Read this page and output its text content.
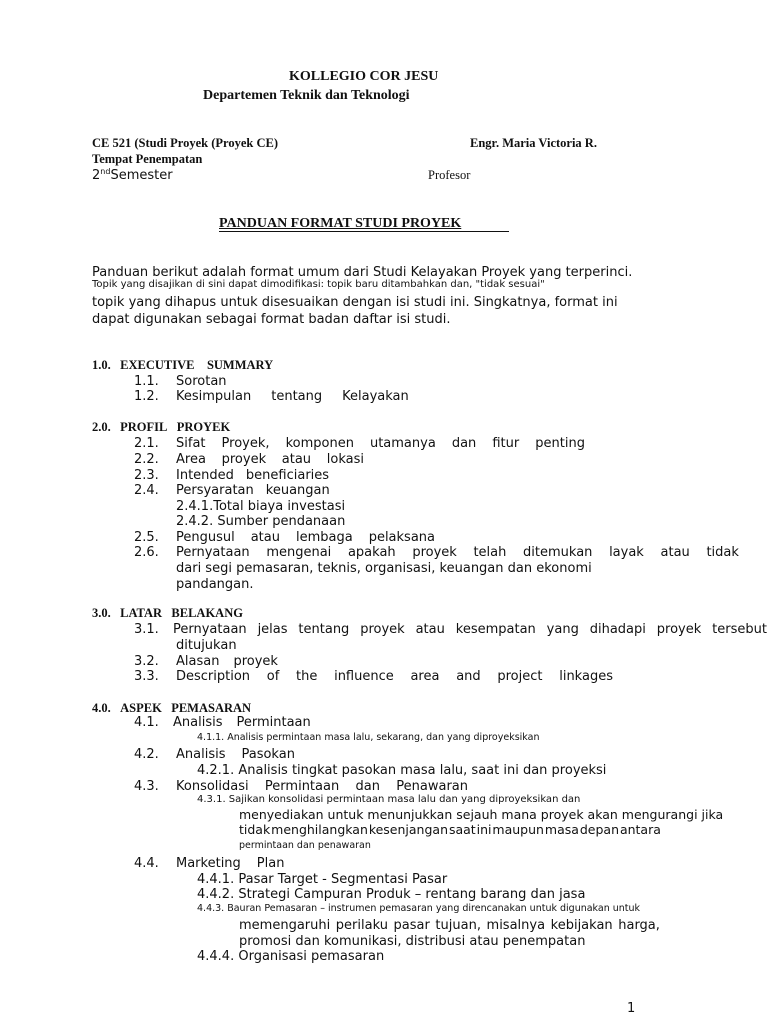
KOLLEGIO COR JESU
Departemen Teknik dan Teknologi
CE 521 (Studi Proyek (Proyek CE)	Engr. Maria Victoria R.
Tempat Penempatan
2ndSemester	Profesor
PANDUAN FORMAT STUDI PROYEK
Panduan berikut adalah format umum dari Studi Kelayakan Proyek yang terperinci.
Topik yang disajikan di sini dapat dimodifikasi: topik baru ditambahkan dan, "tidak sesuai"
topik yang dihapus untuk disesuaikan dengan isi studi ini. Singkatnya, format ini
dapat digunakan sebagai format badan daftar isi studi.
1.0. EXECUTIVE SUMMARY
1.1. Sorotan
1.2. Kesimpulan tentang Kelayakan
2.0. PROFIL PROYEK
2.1. Sifat Proyek, komponen utamanya dan fitur penting
2.2. Area proyek atau lokasi
2.3. Intended beneficiaries
2.4. Persyaratan keuangan
2.4.1.Total biaya investasi
2.4.2. Sumber pendanaan
2.5. Pengusul atau lembaga pelaksana
2.6. Pernyataan mengenai apakah proyek telah ditemukan layak atau tidak
dari segi pemasaran, teknis, organisasi, keuangan dan ekonomi
pandangan.
3.0. LATAR BELAKANG
3.1. Pernyataan jelas tentang proyek atau kesempatan yang dihadapi proyek tersebut
ditujukan
3.2. Alasan proyek
3.3. Description of the influence area and project linkages
4.0. ASPEK PEMASARAN
4.1. Analisis Permintaan
4.1.1. Analisis permintaan masa lalu, sekarang, dan yang diproyeksikan
4.2. Analisis Pasokan
4.2.1. Analisis tingkat pasokan masa lalu, saat ini dan proyeksi
4.3. Konsolidasi Permintaan dan Penawaran
4.3.1. Sajikan konsolidasi permintaan masa lalu dan yang diproyeksikan dan
menyediakan untuk menunjukkan sejauh mana proyek akan mengurangi jika
tidak menghilangkan kesenjangan saat ini maupun masa depan antara
permintaan dan penawaran
4.4. Marketing Plan
4.4.1. Pasar Target - Segmentasi Pasar
4.4.2. Strategi Campuran Produk – rentang barang dan jasa
4.4.3. Bauran Pemasaran – instrumen pemasaran yang direncanakan untuk digunakan untuk
memengaruhi perilaku pasar tujuan, misalnya kebijakan harga,
promosi dan komunikasi, distribusi atau penempatan
4.4.4. Organisasi pemasaran
1
